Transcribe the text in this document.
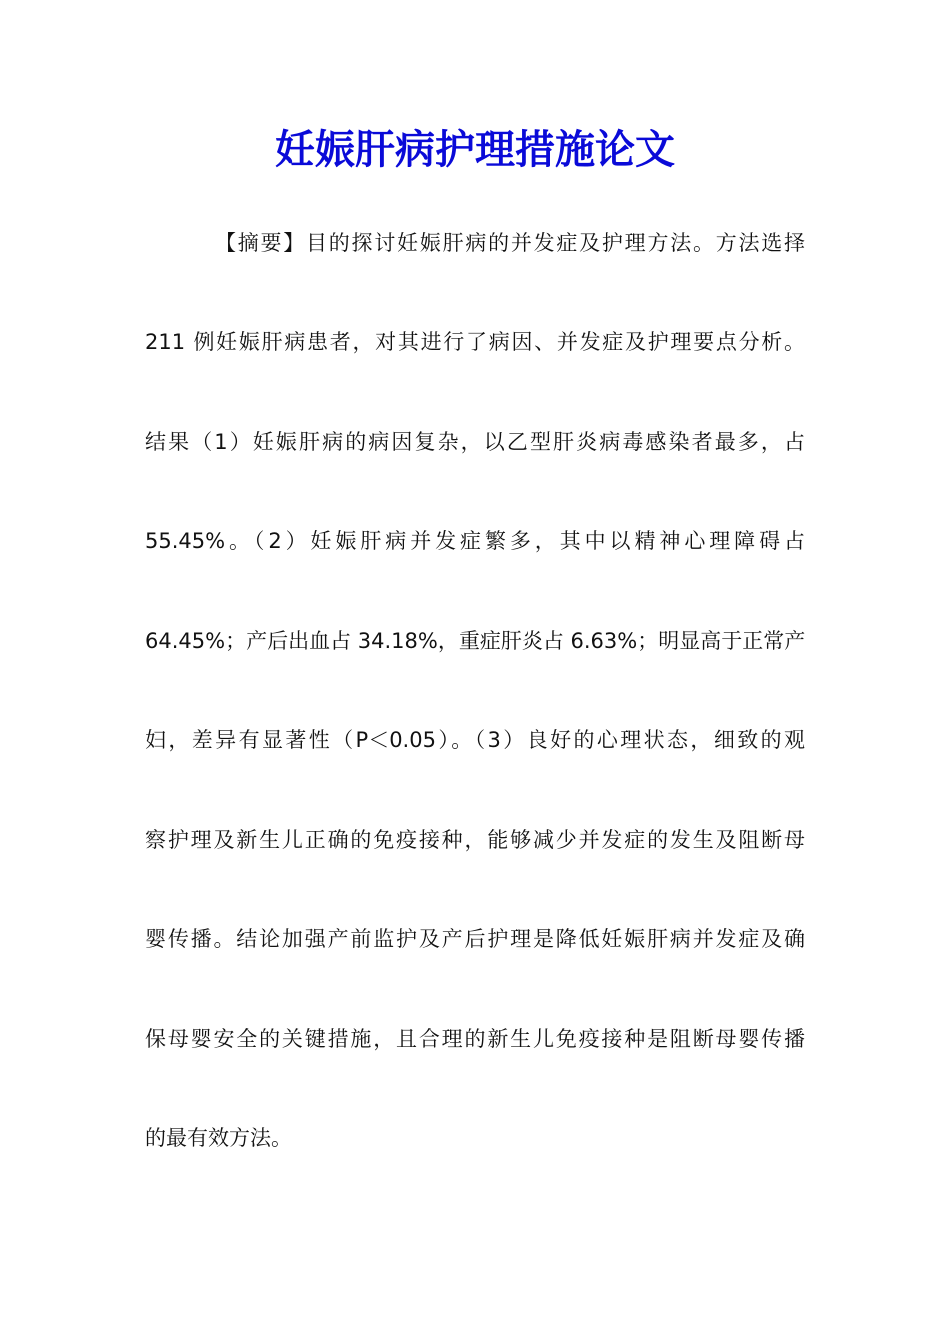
妊娠肝病护理措施论文
【摘要】目的探讨妊娠肝病的并发症及护理方法。方法选择
211 例妊娠肝病患者，对其进行了病因、并发症及护理要点分析。
结果（1）妊娠肝病的病因复杂，以乙型肝炎病毒感染者最多，占
55.45%。（2）妊娠肝病并发症繁多，其中以精神心理障碍占
64.45%；产后出血占 34.18%，重症肝炎占 6.63%；明显高于正常产
妇，差异有显著性（P＜0.05）。（3）良好的心理状态，细致的观
察护理及新生儿正确的免疫接种，能够减少并发症的发生及阻断母
婴传播。结论加强产前监护及产后护理是降低妊娠肝病并发症及确
保母婴安全的关键措施，且合理的新生儿免疫接种是阻断母婴传播
的最有效方法。
